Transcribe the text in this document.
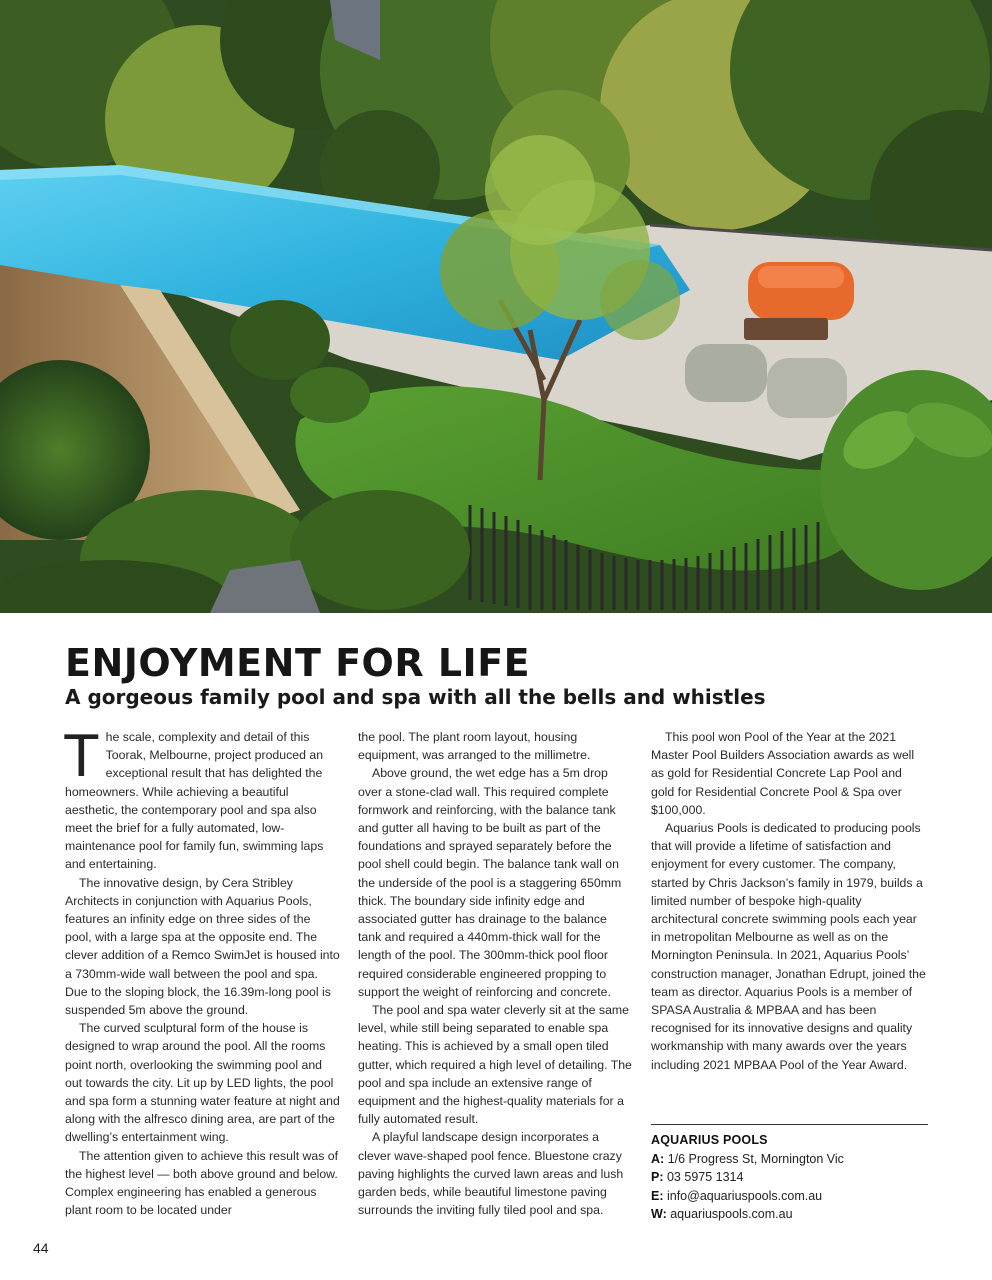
ENJOYMENT FOR LIFE
A gorgeous family pool and spa with all the bells and whistles

The scale, complexity and detail of this Toorak, Melbourne, project produced an exceptional result that has delighted the homeowners. While achieving a beautiful aesthetic, the contemporary pool and spa also meet the brief for a fully automated, low-maintenance pool for family fun, swimming laps and entertaining.

The innovative design, by Cera Stribley Architects in conjunction with Aquarius Pools, features an infinity edge on three sides of the pool, with a large spa at the opposite end. The clever addition of a Remco SwimJet is housed into a 730mm-wide wall between the pool and spa. Due to the sloping block, the 16.39m-long pool is suspended 5m above the ground.

The curved sculptural form of the house is designed to wrap around the pool. All the rooms point north, overlooking the swimming pool and out towards the city. Lit up by LED lights, the pool and spa form a stunning water feature at night and along with the alfresco dining area, are part of the dwelling’s entertainment wing.

The attention given to achieve this result was of the highest level — both above ground and below. Complex engineering has enabled a generous plant room to be located under

the pool. The plant room layout, housing equipment, was arranged to the millimetre.

Above ground, the wet edge has a 5m drop over a stone-clad wall. This required complete formwork and reinforcing, with the balance tank and gutter all having to be built as part of the foundations and sprayed separately before the pool shell could begin. The balance tank wall on the underside of the pool is a staggering 650mm thick. The boundary side infinity edge and associated gutter has drainage to the balance tank and required a 440mm-thick wall for the length of the pool. The 300mm-thick pool floor required considerable engineered propping to support the weight of reinforcing and concrete.

The pool and spa water cleverly sit at the same level, while still being separated to enable spa heating. This is achieved by a small open tiled gutter, which required a high level of detailing. The pool and spa include an extensive range of equipment and the highest-quality materials for a fully automated result.

A playful landscape design incorporates a clever wave-shaped pool fence. Bluestone crazy paving highlights the curved lawn areas and lush garden beds, while beautiful limestone paving surrounds the inviting fully tiled pool and spa.

This pool won Pool of the Year at the 2021 Master Pool Builders Association awards as well as gold for Residential Concrete Lap Pool and gold for Residential Concrete Pool & Spa over $100,000.

Aquarius Pools is dedicated to producing pools that will provide a lifetime of satisfaction and enjoyment for every customer. The company, started by Chris Jackson’s family in 1979, builds a limited number of bespoke high-quality architectural concrete swimming pools each year in metropolitan Melbourne as well as on the Mornington Peninsula. In 2021, Aquarius Pools’ construction manager, Jonathan Edrupt, joined the team as director. Aquarius Pools is a member of SPASA Australia & MPBAA and has been recognised for its innovative designs and quality workmanship with many awards over the years including 2021 MPBAA Pool of the Year Award.

AQUARIUS POOLS
A: 1/6 Progress St, Mornington Vic
P: 03 5975 1314
E: info@aquariuspools.com.au
W: aquariuspools.com.au
44
